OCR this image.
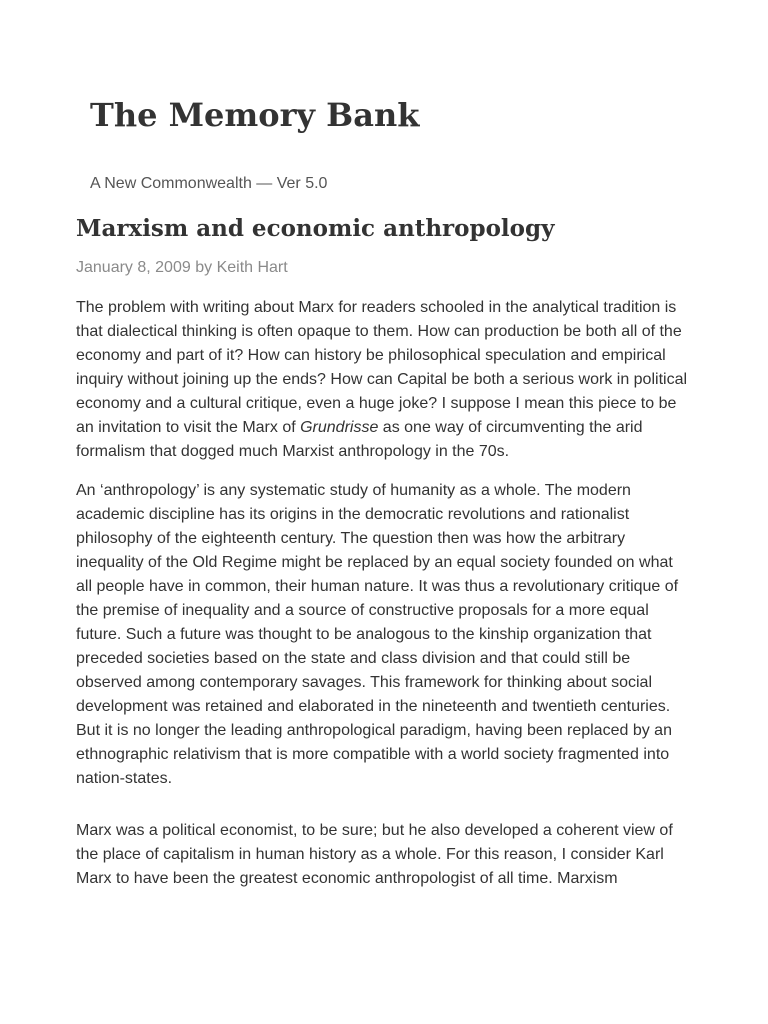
The Memory Bank

A New Commonwealth — Ver 5.0

Marxism and economic anthropology
January 8, 2009 by Keith Hart

The problem with writing about Marx for readers schooled in the analytical tradition is that dialectical thinking is often opaque to them. How can production be both all of the economy and part of it? How can history be philosophical speculation and empirical inquiry without joining up the ends? How can Capital be both a serious work in political economy and a cultural critique, even a huge joke? I suppose I mean this piece to be an invitation to visit the Marx of Grundrisse as one way of circumventing the arid formalism that dogged much Marxist anthropology in the 70s.

An ‘anthropology’ is any systematic study of humanity as a whole. The modern academic discipline has its origins in the democratic revolutions and rationalist philosophy of the eighteenth century. The question then was how the arbitrary inequality of the Old Regime might be replaced by an equal society founded on what all people have in common, their human nature. It was thus a revolutionary critique of the premise of inequality and a source of constructive proposals for a more equal future. Such a future was thought to be analogous to the kinship organization that preceded societies based on the state and class division and that could still be observed among contemporary savages. This framework for thinking about social development was retained and elaborated in the nineteenth and twentieth centuries. But it is no longer the leading anthropological paradigm, having been replaced by an ethnographic relativism that is more compatible with a world society fragmented into nation-states.

Marx was a political economist, to be sure; but he also developed a coherent view of the place of capitalism in human history as a whole. For this reason, I consider Karl Marx to have been the greatest economic anthropologist of all time. Marxism
